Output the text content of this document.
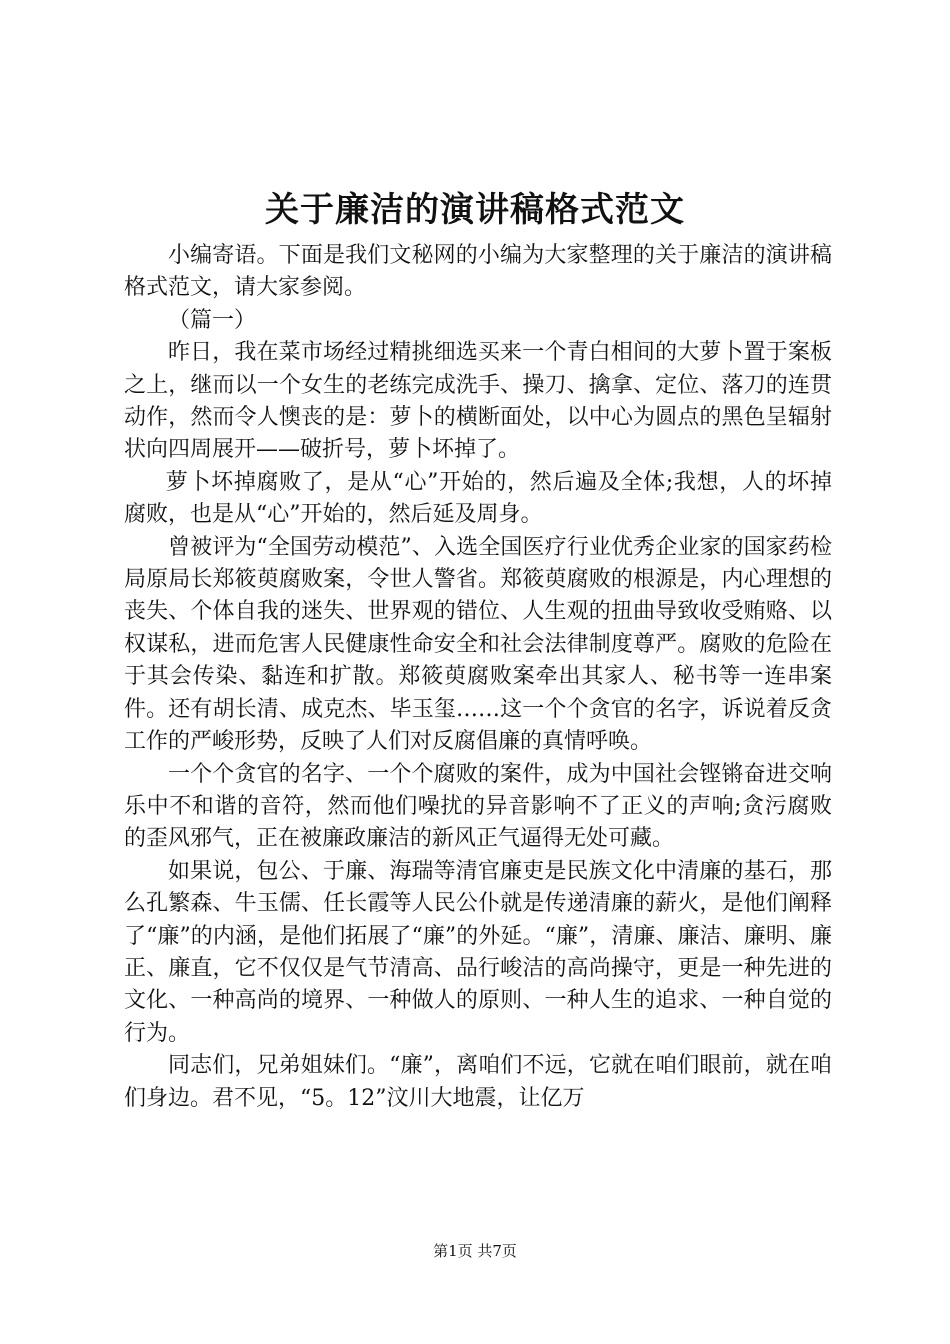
关于廉洁的演讲稿格式范文

小编寄语。下面是我们文秘网的小编为大家整理的关于廉洁的演讲稿格式范文，请大家参阅。

（篇一）

昨日，我在菜市场经过精挑细选买来一个青白相间的大萝卜置于案板之上，继而以一个女生的老练完成洗手、操刀、擒拿、定位、落刀的连贯动作，然而令人懊丧的是：萝卜的横断面处，以中心为圆点的黑色呈辐射状向四周展开——破折号，萝卜坏掉了。

萝卜坏掉腐败了，是从“心”开始的，然后遍及全体;我想，人的坏掉腐败，也是从“心”开始的，然后延及周身。

曾被评为“全国劳动模范”、入选全国医疗行业优秀企业家的国家药检局原局长郑筱萸腐败案，令世人警省。郑筱萸腐败的根源是，内心理想的丧失、个体自我的迷失、世界观的错位、人生观的扭曲导致收受贿赂、以权谋私，进而危害人民健康性命安全和社会法律制度尊严。腐败的危险在于其会传染、黏连和扩散。郑筱萸腐败案牵出其家人、秘书等一连串案件。还有胡长清、成克杰、毕玉玺……这一个个贪官的名字，诉说着反贪工作的严峻形势，反映了人们对反腐倡廉的真情呼唤。

一个个贪官的名字、一个个腐败的案件，成为中国社会铿锵奋进交响乐中不和谐的音符，然而他们噪扰的异音影响不了正义的声响;贪污腐败的歪风邪气，正在被廉政廉洁的新风正气逼得无处可藏。

如果说，包公、于廉、海瑞等清官廉吏是民族文化中清廉的基石，那么孔繁森、牛玉儒、任长霞等人民公仆就是传递清廉的薪火，是他们阐释了“廉”的内涵，是他们拓展了“廉”的外延。“廉”，清廉、廉洁、廉明、廉正、廉直，它不仅仅是气节清高、品行峻洁的高尚操守，更是一种先进的文化、一种高尚的境界、一种做人的原则、一种人生的追求、一种自觉的行为。

同志们，兄弟姐妹们。“廉”，离咱们不远，它就在咱们眼前，就在咱们身边。君不见，“5。12”汶川大地震，让亿万

第1页 共7页
